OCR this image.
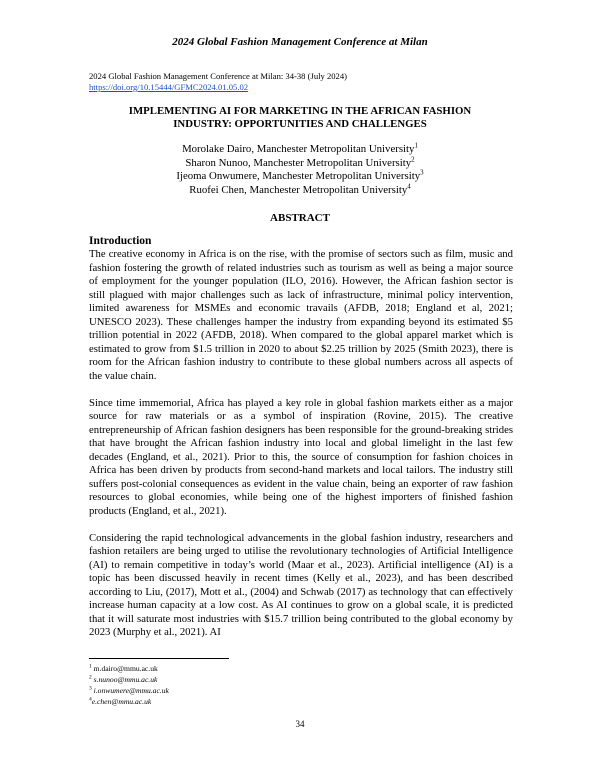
2024 Global Fashion Management Conference at Milan
2024 Global Fashion Management Conference at Milan: 34-38 (July 2024)
https://doi.org/10.15444/GFMC2024.01.05.02
IMPLEMENTING AI FOR MARKETING IN THE AFRICAN FASHION
INDUSTRY: OPPORTUNITIES AND CHALLENGES
Morolake Dairo, Manchester Metropolitan University$^1$
Sharon Nunoo, Manchester Metropolitan University$^2$
Ijeoma Onwumere, Manchester Metropolitan University$^3$
Ruofei Chen, Manchester Metropolitan University$^4$
ABSTRACT
Introduction

The creative economy in Africa is on the rise, with the promise of sectors such as film, music and fashion fostering the growth of related industries such as tourism as well as being a major source of employment for the younger population (ILO, 2016). However, the African fashion sector is still plagued with major challenges such as lack of infrastructure, minimal policy intervention, limited awareness for MSMEs and economic travails (AFDB, 2018; England et al, 2021; UNESCO 2023). These challenges hamper the industry from expanding beyond its estimated $5 trillion potential in 2022 (AFDB, 2018). When compared to the global apparel market which is estimated to grow from $1.5 trillion in 2020 to about $2.25 trillion by 2025 (Smith 2023), there is room for the African fashion industry to contribute to these global numbers across all aspects of the value chain.

Since time immemorial, Africa has played a key role in global fashion markets either as a major source for raw materials or as a symbol of inspiration (Rovine, 2015). The creative entrepreneurship of African fashion designers has been responsible for the ground-breaking strides that have brought the African fashion industry into local and global limelight in the last few decades (England, et al., 2021). Prior to this, the source of consumption for fashion choices in Africa has been driven by products from second-hand markets and local tailors. The industry still suffers post-colonial consequences as evident in the value chain, being an exporter of raw fashion resources to global economies, while being one of the highest importers of finished fashion products (England, et al., 2021).

Considering the rapid technological advancements in the global fashion industry, researchers and fashion retailers are being urged to utilise the revolutionary technologies of Artificial Intelligence (AI) to remain competitive in today’s world (Maar et al., 2023). Artificial intelligence (AI) is a topic has been discussed heavily in recent times (Kelly et al., 2023), and has been described according to Liu, (2017), Mott et al., (2004) and Schwab (2017) as technology that can effectively increase human capacity at a low cost. As AI continues to grow on a global scale, it is predicted that it will saturate most industries with $15.7 trillion being contributed to the global economy by 2023 (Murphy et al., 2021). AI

$^1$ m.dairo@mmu.ac.uk
$^2$ s.nunoo@mmu.ac.uk
$^3$ i.onwumere@mmu.ac.uk
$^4$e.chen@mmu.ac.uk
34
